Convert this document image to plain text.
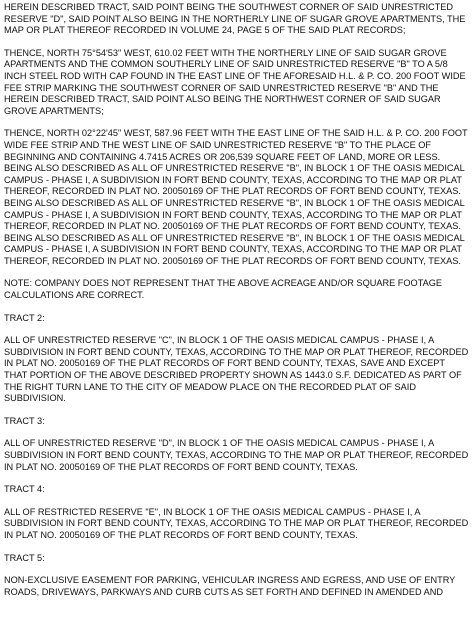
HEREIN DESCRIBED TRACT, SAID POINT BEING THE SOUTHWEST CORNER OF SAID UNRESTRICTED RESERVE "D", SAID POINT ALSO BEING IN THE NORTHERLY LINE OF SUGAR GROVE APARTMENTS, THE MAP OR PLAT THEREOF RECORDED IN VOLUME 24, PAGE 5 OF THE SAID PLAT RECORDS;

THENCE, NORTH 75°54'53" WEST, 610.02 FEET WITH THE NORTHERLY LINE OF SAID SUGAR GROVE APARTMENTS AND THE COMMON SOUTHERLY LINE OF SAID UNRESTRICTED RESERVE "B" TO A 5/8 INCH STEEL ROD WITH CAP FOUND IN THE EAST LINE OF THE AFORESAID H.L. & P. CO. 200 FOOT WIDE FEE STRIP MARKING THE SOUTHWEST CORNER OF SAID UNRESTRICTED RESERVE "B" AND THE HEREIN DESCRIBED TRACT, SAID POINT ALSO BEING THE NORTHWEST CORNER OF SAID SUGAR GROVE APARTMENTS;

THENCE, NORTH 02°22'45" WEST, 587.96 FEET WITH THE EAST LINE OF THE SAID H.L. & P. CO. 200 FOOT WIDE FEE STRIP AND THE WEST LINE OF SAID UNRESTRICTED RESERVE "B" TO THE PLACE OF BEGINNING AND CONTAINING 4.7415 ACRES OR 206,539 SQUARE FEET OF LAND, MORE OR LESS. BEING ALSO DESCRIBED AS ALL OF UNRESTRICTED RESERVE "B", IN BLOCK 1 OF THE OASIS MEDICAL CAMPUS - PHASE I, A SUBDIVISION IN FORT BEND COUNTY, TEXAS, ACCORDING TO THE MAP OR PLAT THEREOF, RECORDED IN PLAT NO. 20050169 OF THE PLAT RECORDS OF FORT BEND COUNTY, TEXAS. BEING ALSO DESCRIBED AS ALL OF UNRESTRICTED RESERVE "B", IN BLOCK 1 OF THE OASIS MEDICAL CAMPUS - PHASE I, A SUBDIVISION IN FORT BEND COUNTY, TEXAS, ACCORDING TO THE MAP OR PLAT THEREOF, RECORDED IN PLAT NO. 20050169 OF THE PLAT RECORDS OF FORT BEND COUNTY, TEXAS. BEING ALSO DESCRIBED AS ALL OF UNRESTRICTED RESERVE "B", IN BLOCK 1 OF THE OASIS MEDICAL CAMPUS - PHASE I, A SUBDIVISION IN FORT BEND COUNTY, TEXAS, ACCORDING TO THE MAP OR PLAT THEREOF, RECORDED IN PLAT NO. 20050169 OF THE PLAT RECORDS OF FORT BEND COUNTY, TEXAS.

NOTE: COMPANY DOES NOT REPRESENT THAT THE ABOVE ACREAGE AND/OR SQUARE FOOTAGE CALCULATIONS ARE CORRECT.

TRACT 2:

ALL OF UNRESTRICTED RESERVE "C", IN BLOCK 1 OF THE OASIS MEDICAL CAMPUS - PHASE I, A SUBDIVISION IN FORT BEND COUNTY, TEXAS, ACCORDING TO THE MAP OR PLAT THEREOF, RECORDED IN PLAT NO. 20050169 OF THE PLAT RECORDS OF FORT BEND COUNTY, TEXAS, SAVE AND EXCEPT THAT PORTION OF THE ABOVE DESCRIBED PROPERTY SHOWN AS 1443.0 S.F. DEDICATED AS PART OF THE RIGHT TURN LANE TO THE CITY OF MEADOW PLACE ON THE RECORDED PLAT OF SAID SUBDIVISION.

TRACT 3:

ALL OF UNRESTRICTED RESERVE "D", IN BLOCK 1 OF THE OASIS MEDICAL CAMPUS - PHASE I, A SUBDIVISION IN FORT BEND COUNTY, TEXAS, ACCORDING TO THE MAP OR PLAT THEREOF, RECORDED IN PLAT NO. 20050169 OF THE PLAT RECORDS OF FORT BEND COUNTY, TEXAS.

TRACT 4:

ALL OF RESTRICTED RESERVE "E", IN BLOCK 1 OF THE OASIS MEDICAL CAMPUS - PHASE I, A SUBDIVISION IN FORT BEND COUNTY, TEXAS, ACCORDING TO THE MAP OR PLAT THEREOF, RECORDED IN PLAT NO. 20050169 OF THE PLAT RECORDS OF FORT BEND COUNTY, TEXAS.

TRACT 5:

NON-EXCLUSIVE EASEMENT FOR PARKING, VEHICULAR INGRESS AND EGRESS, AND USE OF ENTRY ROADS, DRIVEWAYS, PARKWAYS AND CURB CUTS AS SET FORTH AND DEFINED IN AMENDED AND
